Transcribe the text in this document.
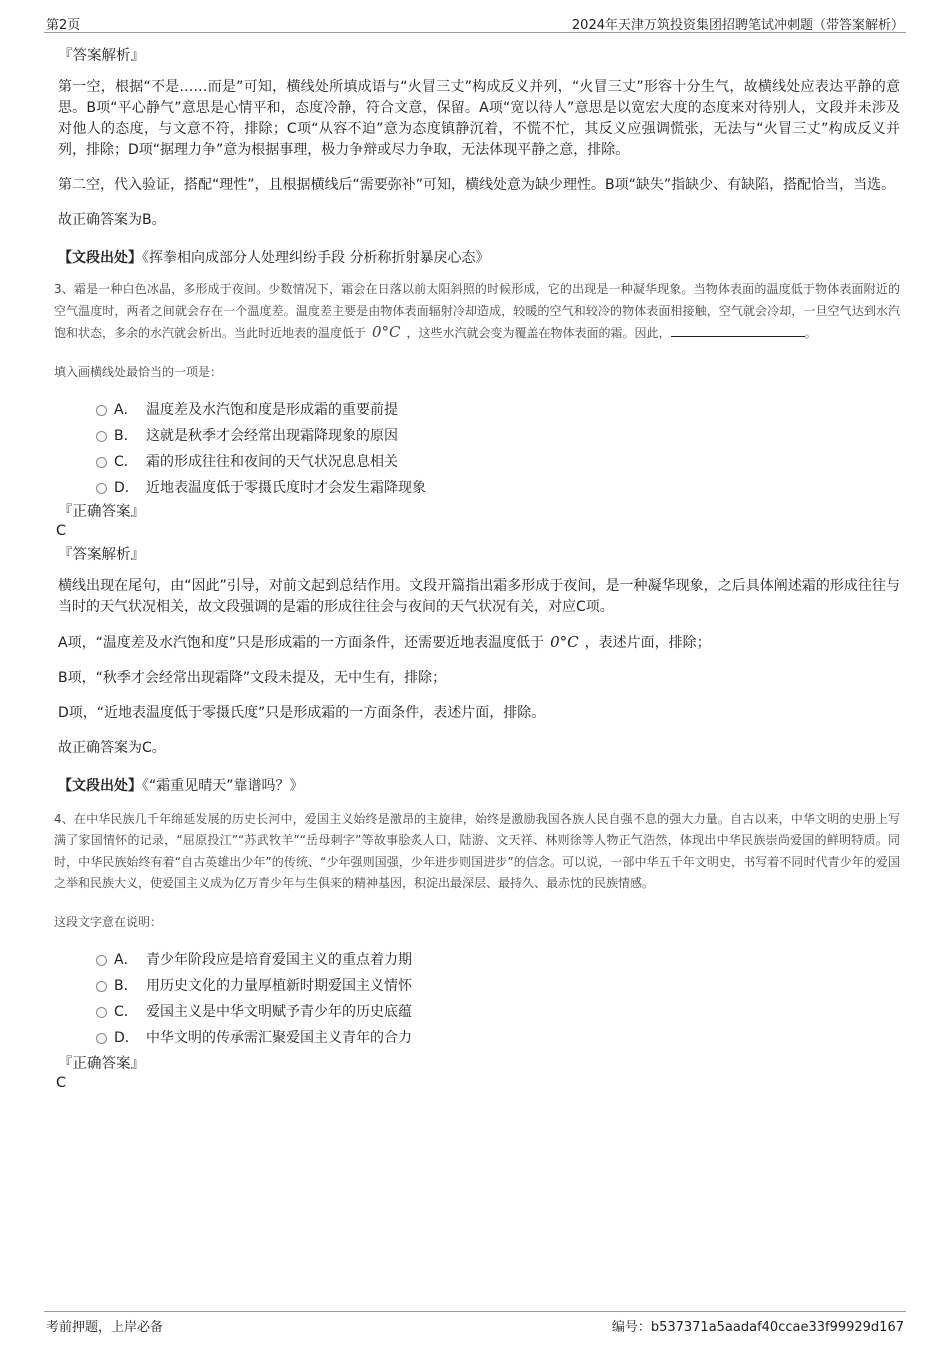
第2页	2024年天津万筑投资集团招聘笔试冲刺题（带答案解析）
『答案解析』
第一空，根据“不是……而是”可知，横线处所填成语与“火冒三丈”构成反义并列，“火冒三丈”形容十分生气，故横线处应表达平静的意思。B项“平心静气”意思是心情平和，态度冷静，符合文意，保留。A项“宽以待人”意思是以宽宏大度的态度来对待别人，文段并未涉及对他人的态度，与文意不符，排除；C项“从容不迫”意为态度镇静沉着，不慌不忙，其反义应强调慌张，无法与“火冒三丈”构成反义并列，排除；D项“据理力争”意为根据事理，极力争辩或尽力争取，无法体现平静之意，排除。
第二空，代入验证，搭配“理性”，且根据横线后“需要弥补”可知，横线处意为缺少理性。B项“缺失”指缺少、有缺陷，搭配恰当，当选。
故正确答案为B。
【文段出处】《挥拳相向成部分人处理纠纷手段 分析称折射暴戾心态》
3、霜是一种白色冰晶，多形成于夜间。少数情况下，霜会在日落以前太阳斜照的时候形成，它的出现是一种凝华现象。当物体表面的温度低于物体表面附近的空气温度时，两者之间就会存在一个温度差。温度差主要是由物体表面辐射冷却造成，较暖的空气和较冷的物体表面相接触，空气就会冷却，一旦空气达到水汽饱和状态，多余的水汽就会析出。当此时近地表的温度低于 0°C ，这些水汽就会变为覆盖在物体表面的霜。因此，	。
填入画横线处最恰当的一项是：
A． 温度差及水汽饱和度是形成霜的重要前提
B． 这就是秋季才会经常出现霜降现象的原因
C． 霜的形成往往和夜间的天气状况息息相关
D． 近地表温度低于零摄氏度时才会发生霜降现象
『正确答案』
C
『答案解析』
横线出现在尾句，由“因此”引导，对前文起到总结作用。文段开篇指出霜多形成于夜间，是一种凝华现象，之后具体阐述霜的形成往往与当时的天气状况相关，故文段强调的是霜的形成往往会与夜间的天气状况有关，对应C项。
A项，“温度差及水汽饱和度”只是形成霜的一方面条件，还需要近地表温度低于 0°C ，表述片面，排除；
B项，“秋季才会经常出现霜降”文段未提及，无中生有，排除；
D项，“近地表温度低于零摄氏度”只是形成霜的一方面条件，表述片面，排除。
故正确答案为C。
【文段出处】《“霜重见晴天”靠谱吗？》
4、在中华民族几千年绵延发展的历史长河中，爱国主义始终是激昂的主旋律，始终是激励我国各族人民自强不息的强大力量。自古以来，中华文明的史册上写满了家国情怀的记录，“屈原投江”“苏武牧羊”“岳母刺字”等故事脍炙人口，陆游、文天祥、林则徐等人物正气浩然，体现出中华民族崇尚爱国的鲜明特质。同时，中华民族始终有着“自古英雄出少年”的传统、“少年强则国强，少年进步则国进步”的信念。可以说，一部中华五千年文明史，书写着不同时代青少年的爱国之举和民族大义，使爱国主义成为亿万青少年与生俱来的精神基因，积淀出最深层、最持久、最赤忱的民族情感。
这段文字意在说明：
A． 青少年阶段应是培育爱国主义的重点着力期
B． 用历史文化的力量厚植新时期爱国主义情怀
C． 爱国主义是中华文明赋予青少年的历史底蕴
D． 中华文明的传承需汇聚爱国主义青年的合力
『正确答案』
C
考前押题，上岸必备	编号：b537371a5aadaf40ccae33f99929d167
